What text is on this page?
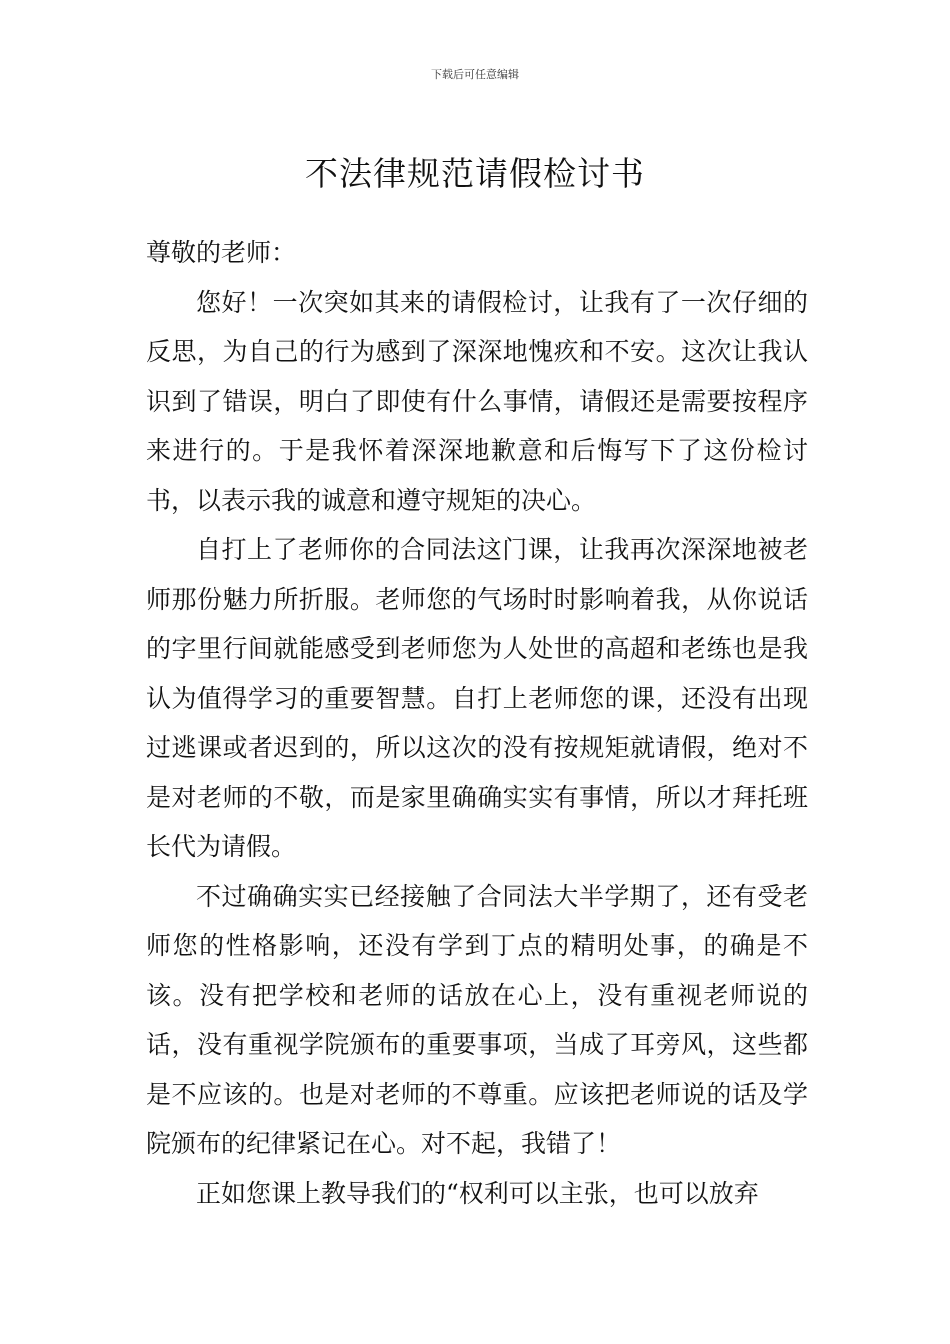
下载后可任意编辑
不法律规范请假检讨书

尊敬的老师：

您好！一次突如其来的请假检讨，让我有了一次仔细的反思，为自己的行为感到了深深地愧疚和不安。这次让我认识到了错误，明白了即使有什么事情，请假还是需要按程序来进行的。于是我怀着深深地歉意和后悔写下了这份检讨书，以表示我的诚意和遵守规矩的决心。

自打上了老师你的合同法这门课，让我再次深深地被老师那份魅力所折服。老师您的气场时时影响着我，从你说话的字里行间就能感受到老师您为人处世的高超和老练也是我认为值得学习的重要智慧。自打上老师您的课，还没有出现过逃课或者迟到的，所以这次的没有按规矩就请假，绝对不是对老师的不敬，而是家里确确实实有事情，所以才拜托班长代为请假。

不过确确实实已经接触了合同法大半学期了，还有受老师您的性格影响，还没有学到丁点的精明处事，的确是不该。没有把学校和老师的话放在心上，没有重视老师说的话，没有重视学院颁布的重要事项，当成了耳旁风，这些都是不应该的。也是对老师的不尊重。应该把老师说的话及学院颁布的纪律紧记在心。对不起，我错了！

正如您课上教导我们的“权利可以主张，也可以放弃
